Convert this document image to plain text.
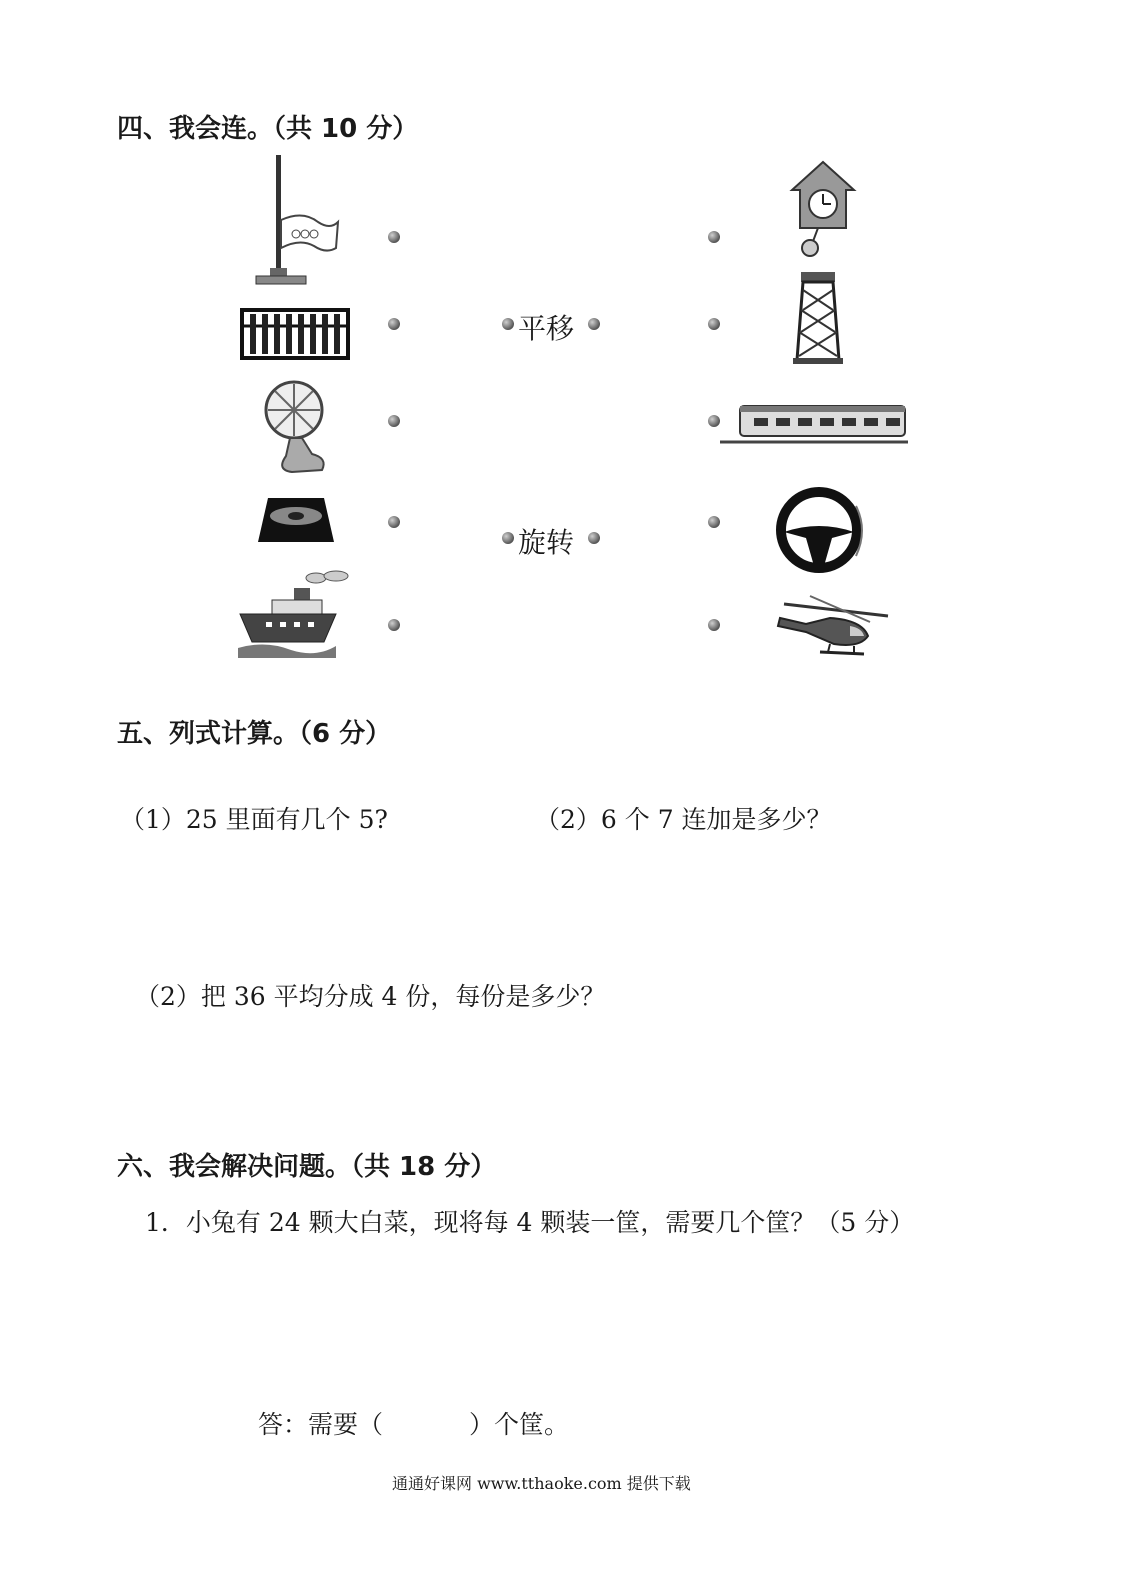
四、我会连。（共 10 分）
平移
旋转
五、列式计算。（6 分）
（1）25 里面有几个 5?	（2）6 个 7 连加是多少？
（2）把 36 平均分成 4 份，每份是多少？
六、我会解决问题。（共 18 分）
1．小兔有 24 颗大白菜，现将每 4 颗装一筐，需要几个筐？（5 分）
答：需要（	）个筐。
通通好课网 www.tthaoke.com 提供下载
